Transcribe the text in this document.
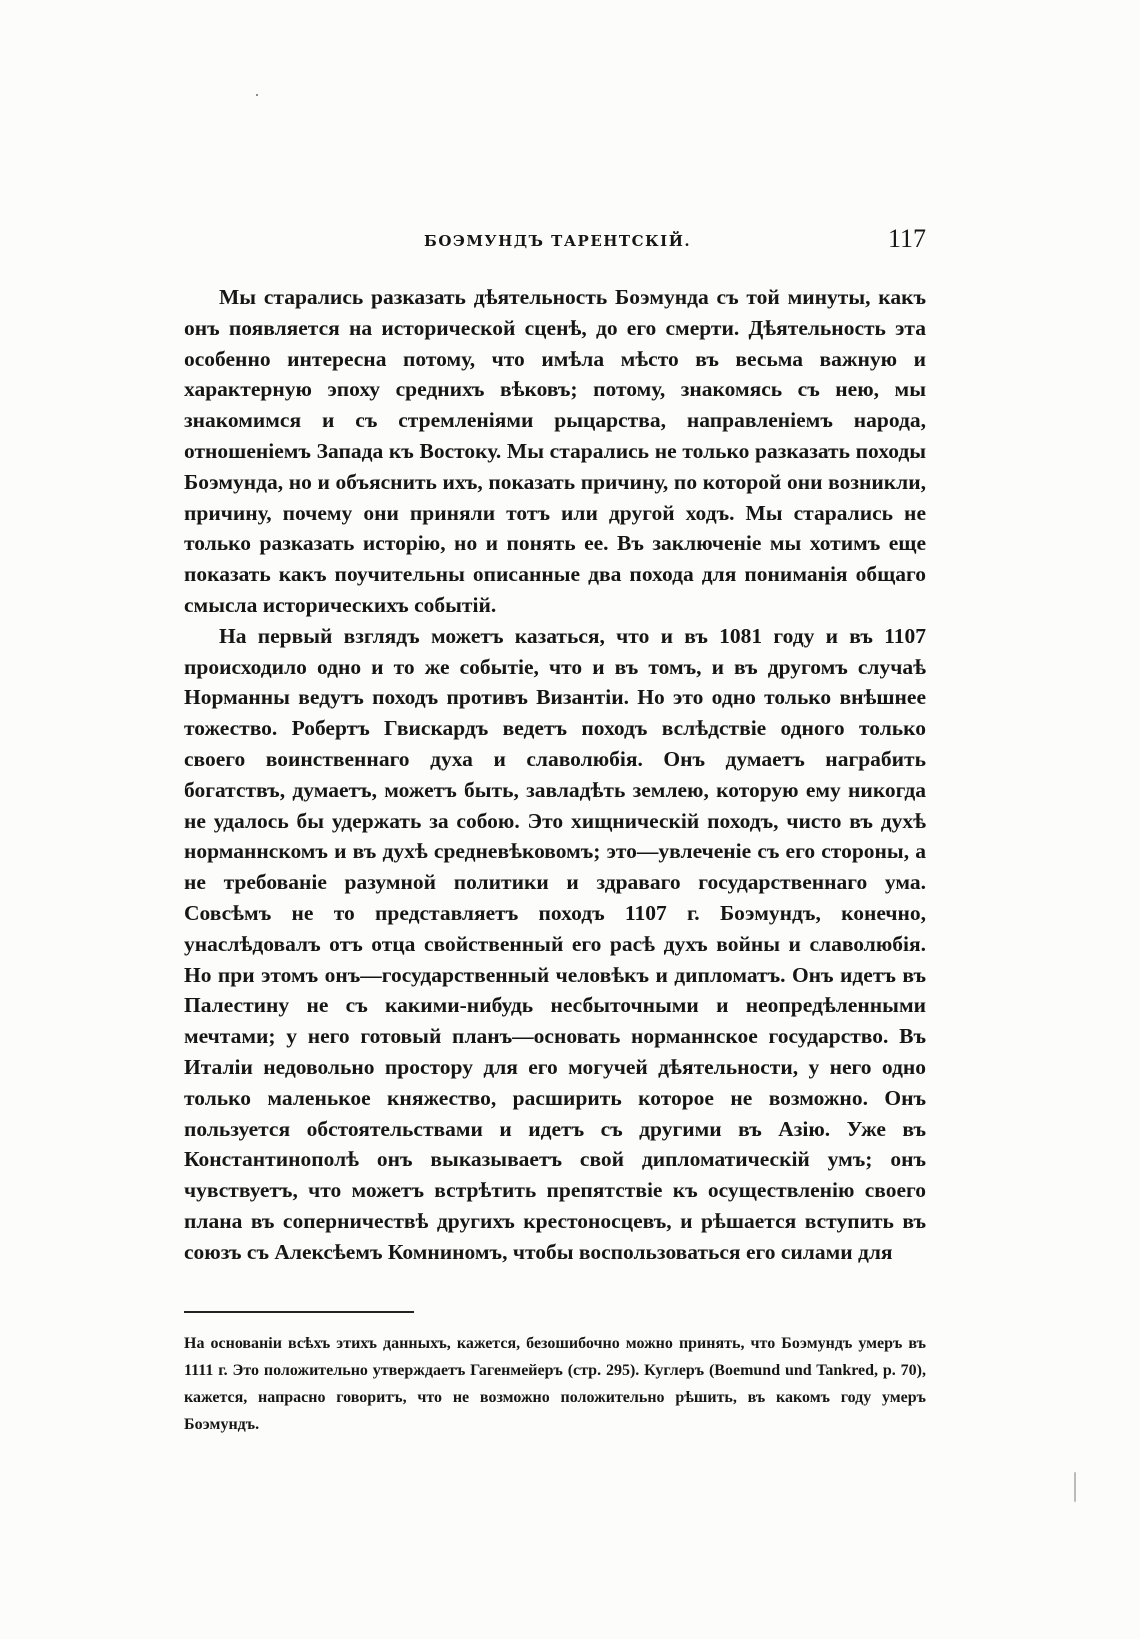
БОЭМУНДЪ ТАРЕНТСКІЙ.	117

Мы старались разказать дѣятельность Боэмунда съ той минуты, какъ онъ появляется на исторической сценѣ, до его смерти. Дѣятельность эта особенно интересна потому, что имѣла мѣсто въ весьма важную и характерную эпоху среднихъ вѣковъ; потому, знакомясь съ нею, мы знакомимся и съ стремленіями рыцарства, направленіемъ народа, отношеніемъ Запада къ Востоку. Мы старались не только разказать походы Боэмунда, но и объяснить ихъ, показать причину, по которой они возникли, причину, почему они приняли тотъ или другой ходъ. Мы старались не только разказать исторію, но и понять ее. Въ заключеніе мы хотимъ еще показать какъ поучительны описанные два похода для пониманія общаго смысла историческихъ событій.

На первый взглядъ можетъ казаться, что и въ 1081 году и въ 1107 происходило одно и то же событіе, что и въ томъ, и въ другомъ случаѣ Норманны ведутъ походъ противъ Византіи. Но это одно только внѣшнее тожество. Робертъ Гвискардъ ведетъ походъ вслѣдствіе одного только своего воинственнаго духа и славолюбія. Онъ думаетъ награбить богатствъ, думаетъ, можетъ быть, завладѣть землею, которую ему никогда не удалось бы удержать за собою. Это хищническій походъ, чисто въ духѣ норманнскомъ и въ духѣ средневѣковомъ; это—увлеченіе съ его стороны, а не требованіе разумной политики и здраваго государственнаго ума. Совсѣмъ не то представляетъ походъ 1107 г. Боэмундъ, конечно, унаслѣдовалъ отъ отца свойственный его расѣ духъ войны и славолюбія. Но при этомъ онъ—государственный человѣкъ и дипломатъ. Онъ идетъ въ Палестину не съ какими-нибудь несбыточными и неопредѣленными мечтами; у него готовый планъ—основать норманнское государство. Въ Италіи недовольно простору для его могучей дѣятельности, у него одно только маленькое княжество, расширить которое не возможно. Онъ пользуется обстоятельствами и идетъ съ другими въ Азію. Уже въ Константинополѣ онъ выказываетъ свой дипломатическій умъ; онъ чувствуетъ, что можетъ встрѣтить препятствіе къ осуществленію своего плана въ соперничествѣ другихъ крестоносцевъ, и рѣшается вступить въ союзъ съ Алексѣемъ Комниномъ, чтобы воспользоваться его силами для

На основаніи всѣхъ этихъ данныхъ, кажется, безошибочно можно принять, что Боэмундъ умеръ въ 1111 г. Это положительно утверждаетъ Гагенмейеръ (стр. 295). Куглеръ (Boemund und Tankred, p. 70), кажется, напрасно говоритъ, что не возможно положительно рѣшить, въ какомъ году умеръ Боэмундъ.
